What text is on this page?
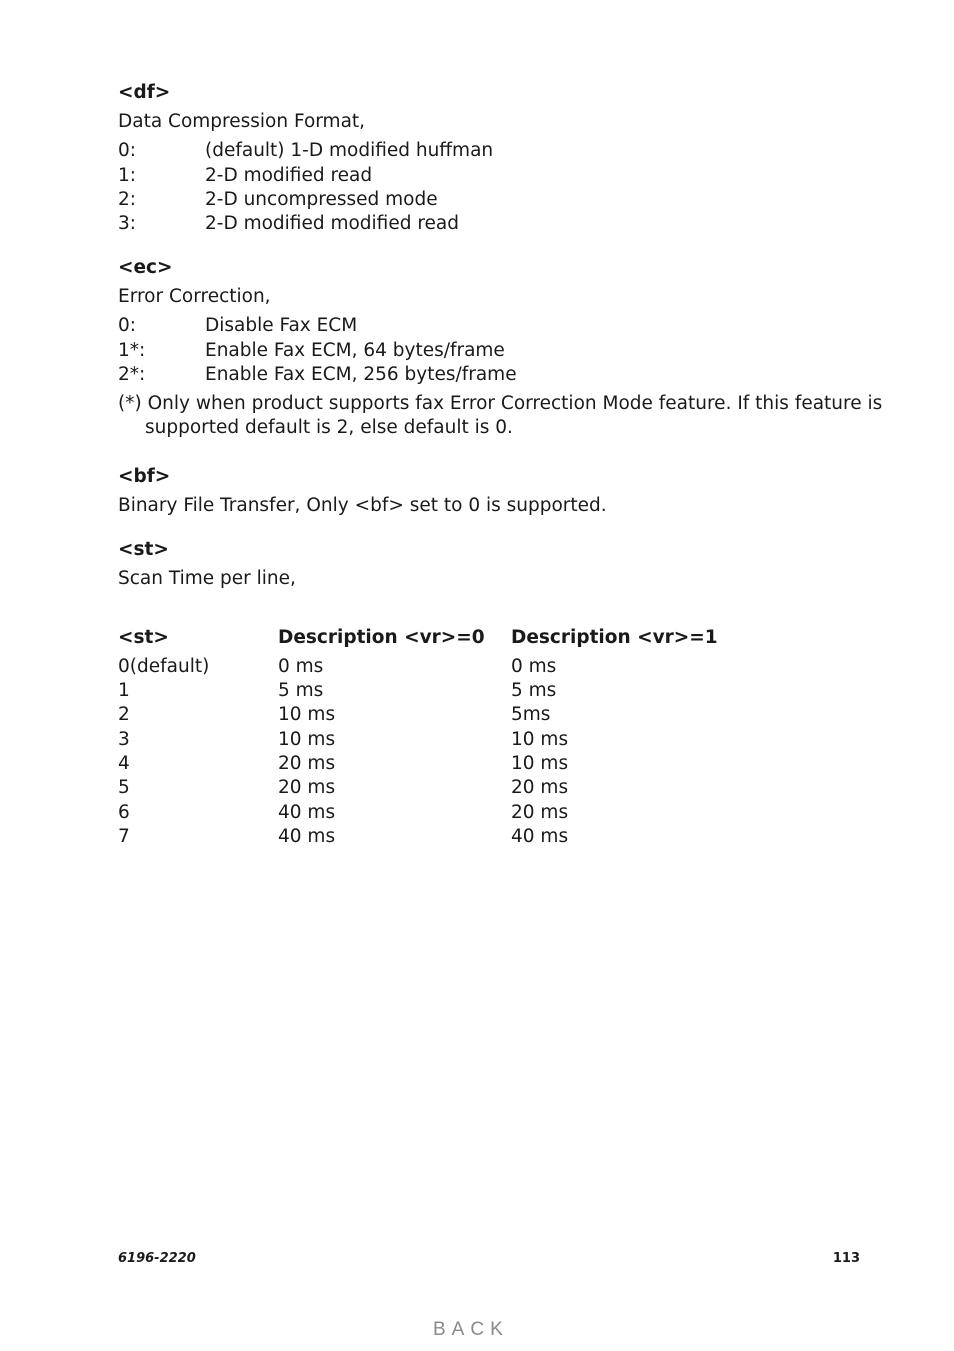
<df>
Data Compression Format,
0:	(default) 1-D modified huffman
1:	2-D modified read
2:	2-D uncompressed mode
3:	2-D modified modified read
<ec>
Error Correction,
0:	Disable Fax ECM
1*:	Enable Fax ECM, 64 bytes/frame
2*:	Enable Fax ECM, 256 bytes/frame
(*) Only when product supports fax Error Correction Mode feature. If this feature is
supported default is 2, else default is 0.
<bf>
Binary File Transfer, Only <bf> set to 0 is supported.
<st>
Scan Time per line,
<st>	Description <vr>=0 Description <vr>=1
0(default)	0 ms	0 ms
1	5 ms	5 ms
2	10 ms	5ms
3	10 ms	10 ms
4	20 ms	10 ms
5	20 ms	20 ms
6	40 ms	20 ms
7	40 ms	40 ms
6196-2220	113
BACK
